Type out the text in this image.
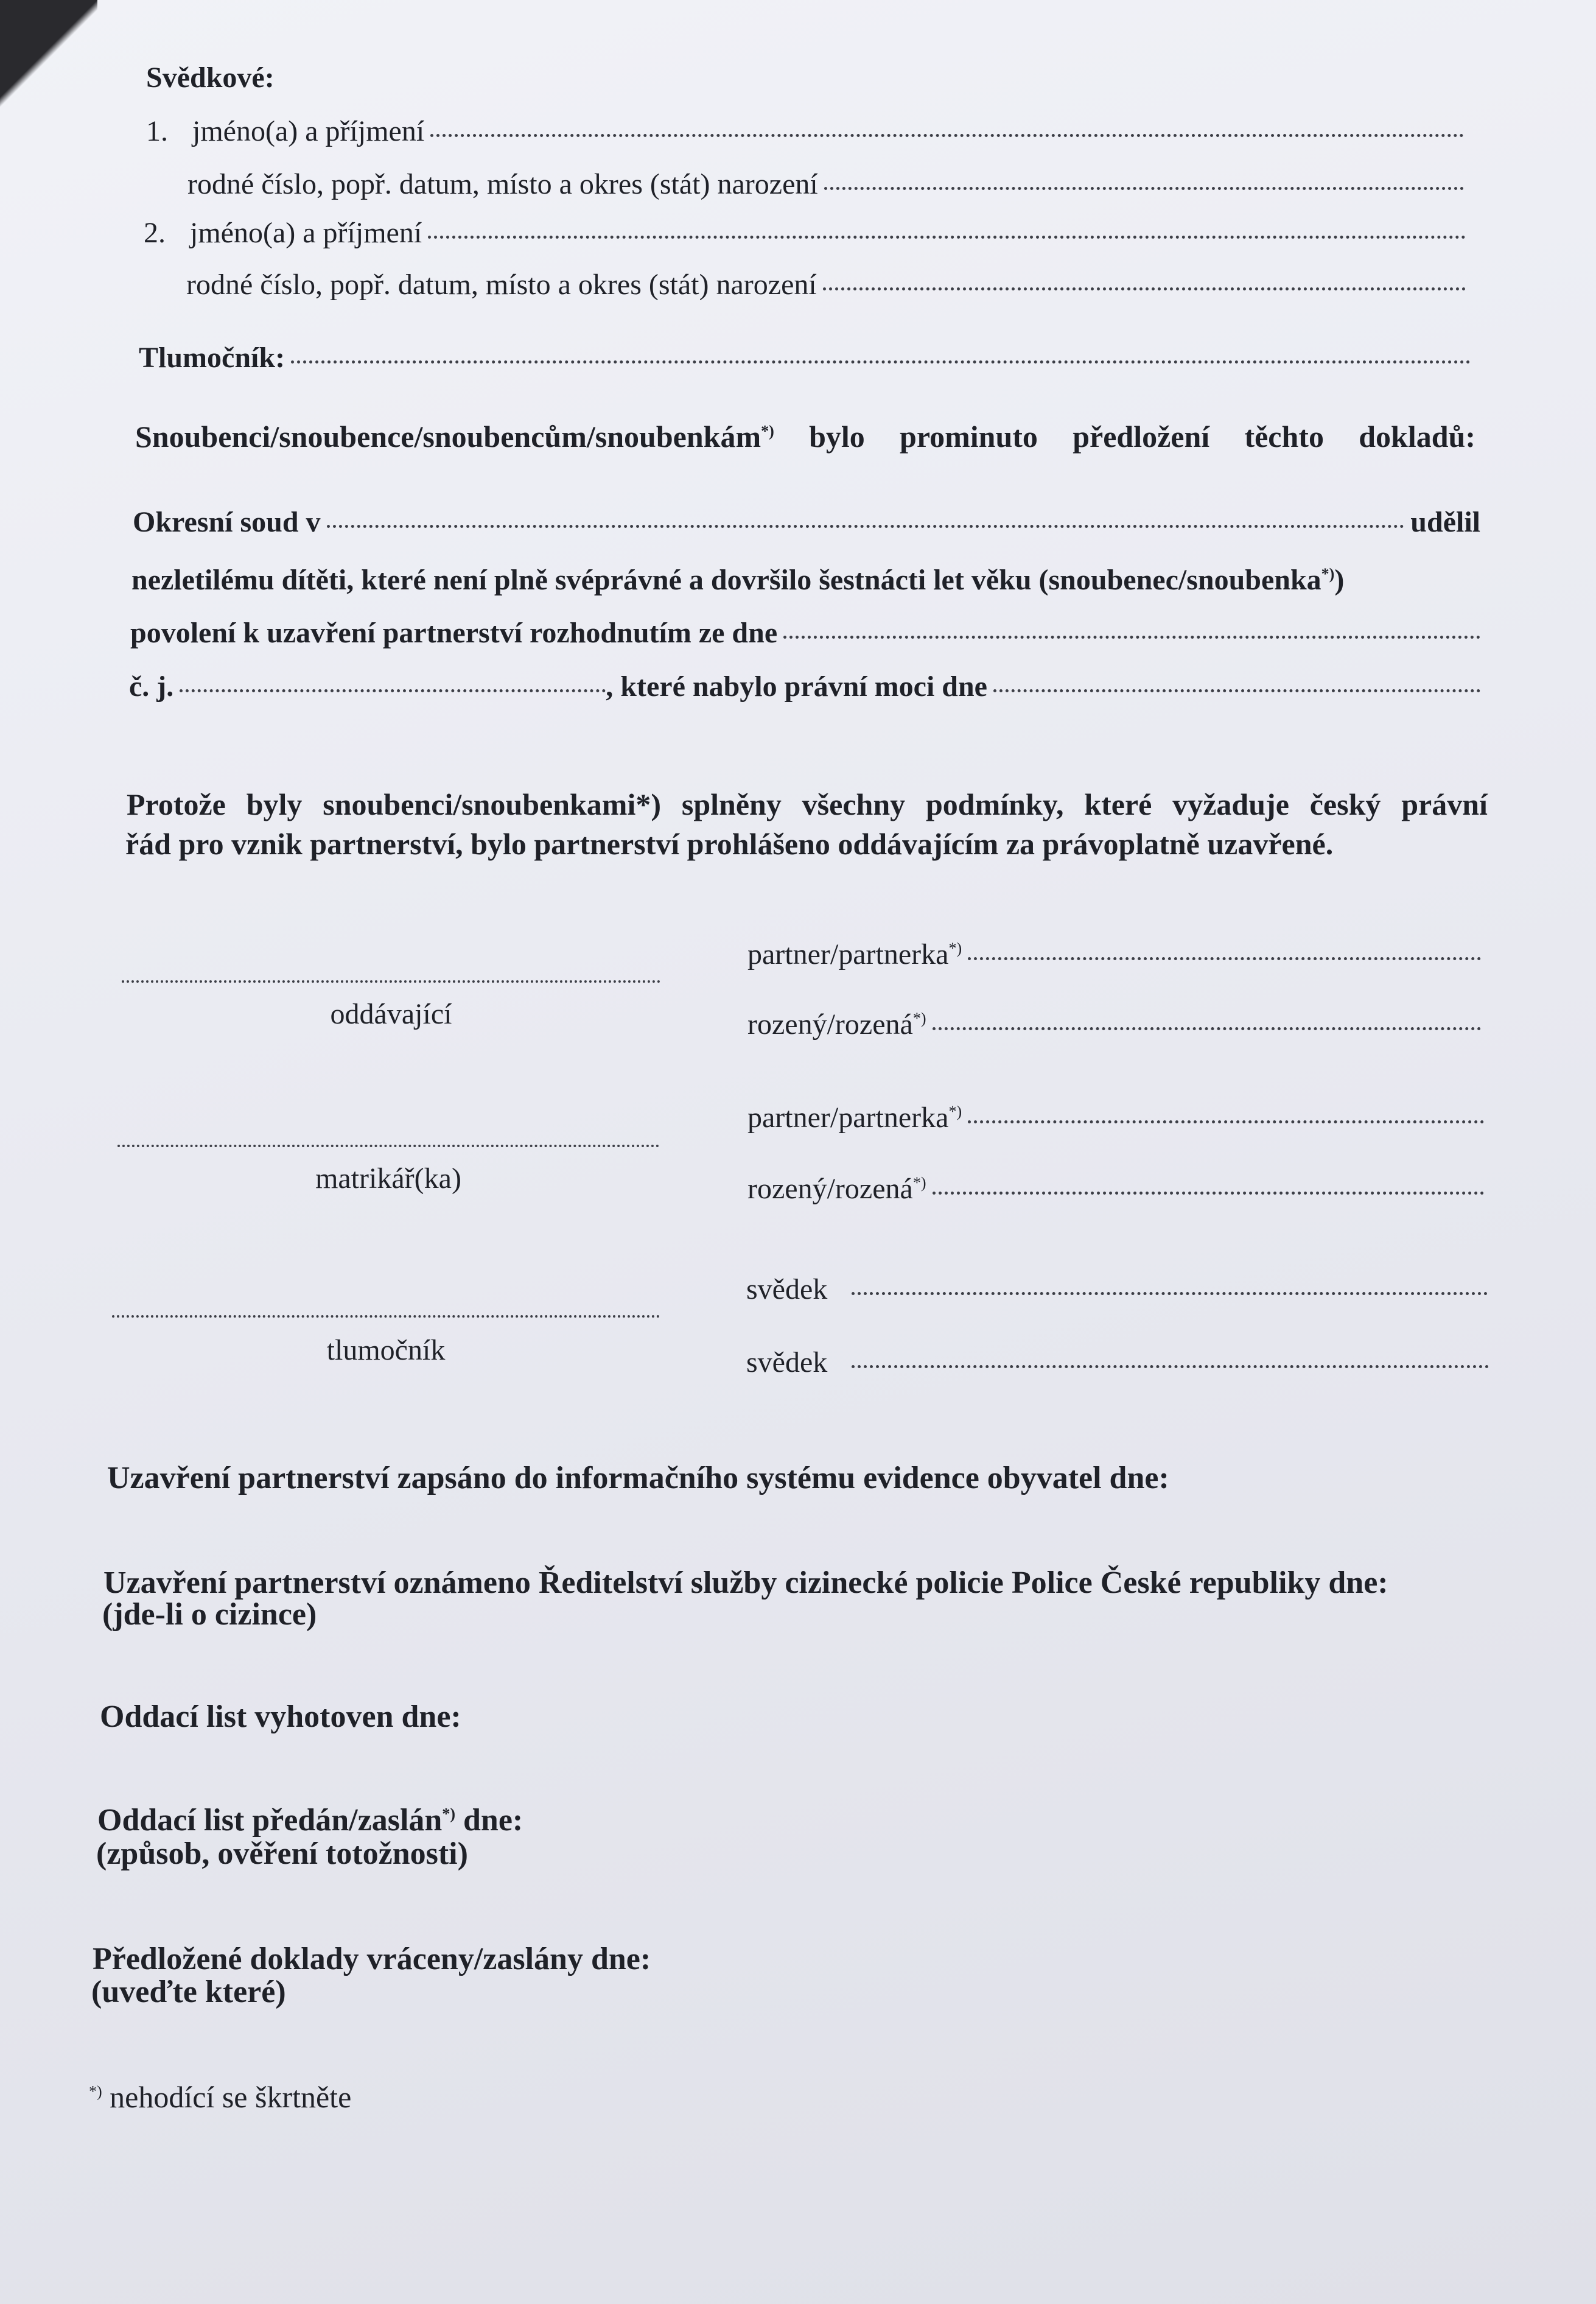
Svědkové:
1. jméno(a) a příjmení
rodné číslo, popř. datum, místo a okres (stát) narození
2. jméno(a) a příjmení
rodné číslo, popř. datum, místo a okres (stát) narození
Tlumočník:
Snoubenci/snoubence/snoubencům/snoubenkám*) bylo prominuto předložení těchto dokladů:
Okresní soud v	udělil
nezletilému dítěti, které není plně svéprávné a dovršilo šestnácti let věku (snoubenec/snoubenka*))
povolení k uzavření partnerství rozhodnutím ze dne
č. j.	, které nabylo právní moci dne
Protože byly snoubenci/snoubenkami*) splněny všechny podmínky, které vyžaduje český právní
řád pro vznik partnerství, bylo partnerství prohlášeno oddávajícím za právoplatně uzavřené.
oddávající
matrikář(ka)
tlumočník
partner/partnerka*)
rozený/rozená*)
partner/partnerka*)
rozený/rozená*)
svědek
svědek
Uzavření partnerství zapsáno do informačního systému evidence obyvatel dne:
Uzavření partnerství oznámeno Ředitelství služby cizinecké policie Police České republiky dne:
(jde-li o cizince)
Oddací list vyhotoven dne:
Oddací list předán/zaslán*) dne:
(způsob, ověření totožnosti)
Předložené doklady vráceny/zaslány dne:
(uveďte které)
*) nehodící se škrtněte
